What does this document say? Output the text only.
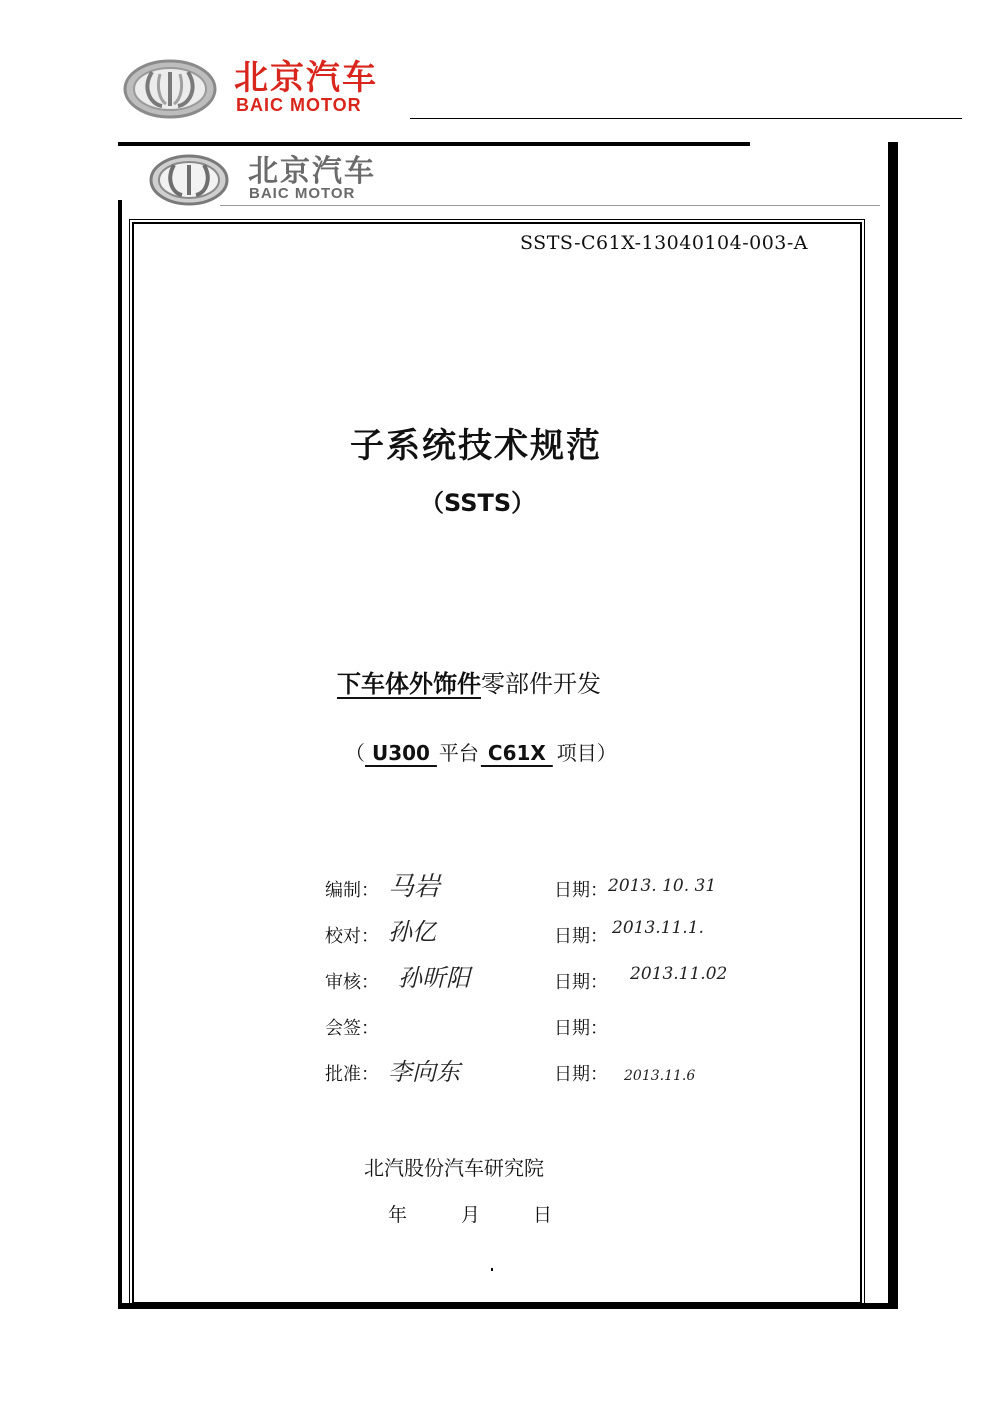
北京汽车
BAIC MOTOR
北京汽车
BAIC MOTOR
SSTS-C61X-13040104-003-A
子系统技术规范
（SSTS）
下车体外饰件零部件开发
（ U300 平台 C61X 项目）
编制： 马岩	日期： 2013. 10. 31
校对： 孙亿	日期： 2013.11.1.
审核： 孙昕阳	日期： 2013.11.02
会签：	日期：
批准： 李向东	日期： 2013.11.6
北汽股份汽车研究院
年	月	日
